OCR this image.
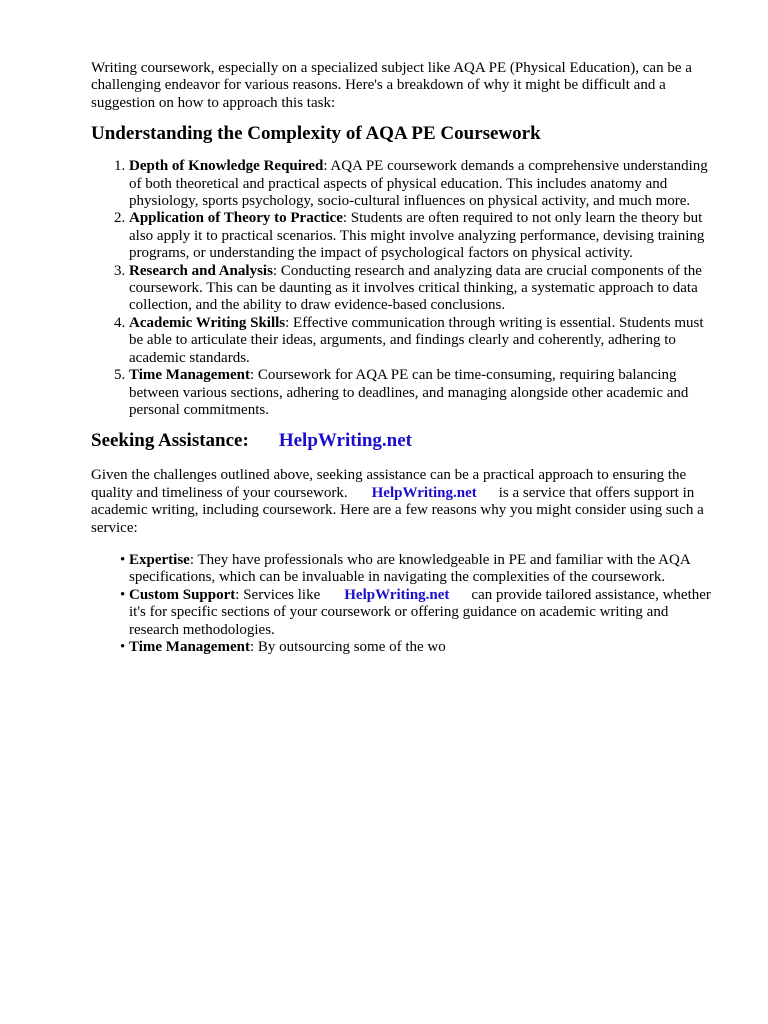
Writing coursework, especially on a specialized subject like AQA PE (Physical Education), can be a challenging endeavor for various reasons. Here's a breakdown of why it might be difficult and a suggestion on how to approach this task:

Understanding the Complexity of AQA PE Coursework
1. Depth of Knowledge Required: AQA PE coursework demands a comprehensive understanding of both theoretical and practical aspects of physical education. This includes anatomy and physiology, sports psychology, socio-cultural influences on physical activity, and much more.
2. Application of Theory to Practice: Students are often required to not only learn the theory but also apply it to practical scenarios. This might involve analyzing performance, devising training programs, or understanding the impact of psychological factors on physical activity.
3. Research and Analysis: Conducting research and analyzing data are crucial components of the coursework. This can be daunting as it involves critical thinking, a systematic approach to data collection, and the ability to draw evidence-based conclusions.
4. Academic Writing Skills: Effective communication through writing is essential. Students must be able to articulate their ideas, arguments, and findings clearly and coherently, adhering to academic standards.
5. Time Management: Coursework for AQA PE can be time-consuming, requiring balancing between various sections, adhering to deadlines, and managing alongside other academic and personal commitments.
Seeking Assistance: HelpWriting.net

Given the challenges outlined above, seeking assistance can be a practical approach to ensuring the quality and timeliness of your coursework. HelpWriting.net is a service that offers support in academic writing, including coursework. Here are a few reasons why you might consider using such a service:

• Expertise: They have professionals who are knowledgeable in PE and familiar with the AQA specifications, which can be invaluable in navigating the complexities of the coursework.
• Custom Support: Services like HelpWriting.net can provide tailored assistance, whether it's for specific sections of your coursework or offering guidance on academic writing and research methodologies.
• Time Management: By outsourcing some of the wo
